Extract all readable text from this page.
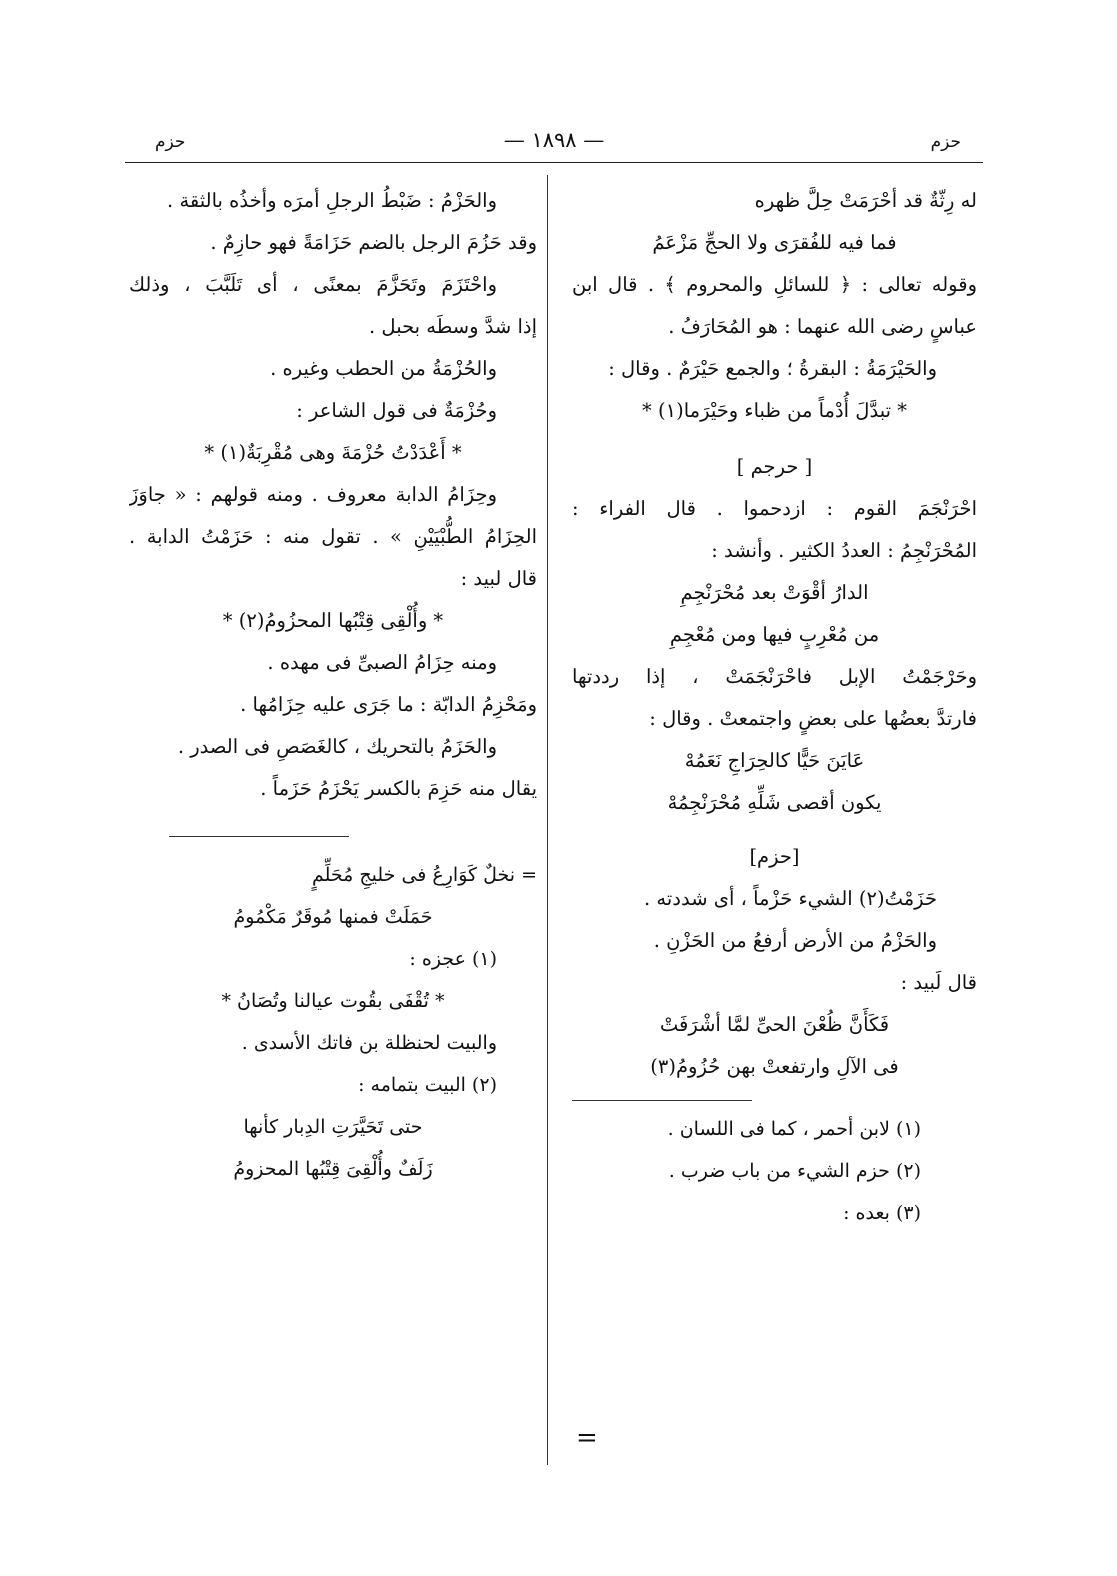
حزم
— ١٨٩٨ —
حزم
له رِثّةٌ قد أحْرَمَتْ حِلَّ ظهره
فما فيه للفُقرَى ولا الحجِّ مَزْعَمُ
وقوله تعالى : ﴿ للسائلِ والمحروم ﴾ . قال ابن
عباسٍ رضى الله عنهما : هو المُحَارَفُ .
والحَيْرَمَةُ : البقرةُ ؛ والجمع حَيْرَمٌ . وقال :
* تبدَّلَ أُدْماً من ظباء وحَيْرَما(١) *
[ حرجم ]
احْرَنْجَمَ القوم : ازدحموا . قال الفراء :
المُحْرَنْجِمُ : العددُ الكثير . وأنشد :
الدارُ أقْوَتْ بعد مُحْرَنْجِمِ
من مُعْرِبٍ فيها ومن مُعْجِمِ
وحَرْجَمْتُ الإبل فاحْرَنْجَمَتْ ، إذا رددتها
فارتدَّ بعضُها على بعضٍ واجتمعتْ . وقال :
عَايَنَ حَيًّا كالحِرَاجِ نَعَمُهْ
يكون أقصى شَلِّهِ مُحْرَنْجِمُهْ
[حزم]
حَزَمْتُ(٢) الشيء حَزْماً ، أى شددته .
والحَزْمُ من الأرض أرفعُ من الحَزْنِ .
قال لَبيد :
فَكَأَنَّ ظُعْنَ الحىِّ لمَّا أشْرَفَتْ
فى الآلِ وارتفعتْ بهن حُزُومُ(٣)
(١) لابن أحمر ، كما فى اللسان .
(٢) حزم الشيء من باب ضرب .
(٣) بعده :
=
والحَزْمُ : ضَبْطُ الرجلِ أمرَه وأخذُه بالثقة .
وقد حَزُمَ الرجل بالضم حَزَامَةً فهو حازِمٌ .
واحْتَزَمَ وتَحَزَّمَ بمعنًى ، أى تَلَبَّبَ ، وذلك
إذا شدَّ وسطَه بحبل .
والحُزْمَةُ من الحطب وغيره .
وحُزْمَةٌ فى قول الشاعر :
* أَعْدَدْتُ حُزْمَةَ وهى مُقْرِبَةٌ(١) *
وحِزَامُ الدابة معروف . ومنه قولهم : « جاوَزَ
الحِزَامُ الطُّبْيَيْنِ » . تقول منه : حَزَمْتُ الدابة .
قال لبيد :
* وأُلْقِى قِتْبُها المحزُومُ(٢) *
ومنه حِزَامُ الصبىِّ فى مهده .
ومَحْزِمُ الدابّة : ما جَرَى عليه حِزَامُها .
والحَزَمُ بالتحريك ، كالغَصَصِ فى الصدر .
يقال منه حَزِمَ بالكسر يَحْزَمُ حَزَماً .
= نخلٌ كَوَارِعُ فى خليجِ مُحَلِّمٍ
حَمَلَتْ فمنها مُوقَرٌ مَكْمُومُ
(١) عجزه :
* تُقْفَى بقُوت عيالنا وتُصَانُ *
والبيت لحنظلة بن فاتك الأسدى .
(٢) البيت بتمامه :
حتى تَحَيَّرَتِ الدِبار كأنها
زَلَفٌ وأُلْقِىَ قِتْبُها المحزومُ
